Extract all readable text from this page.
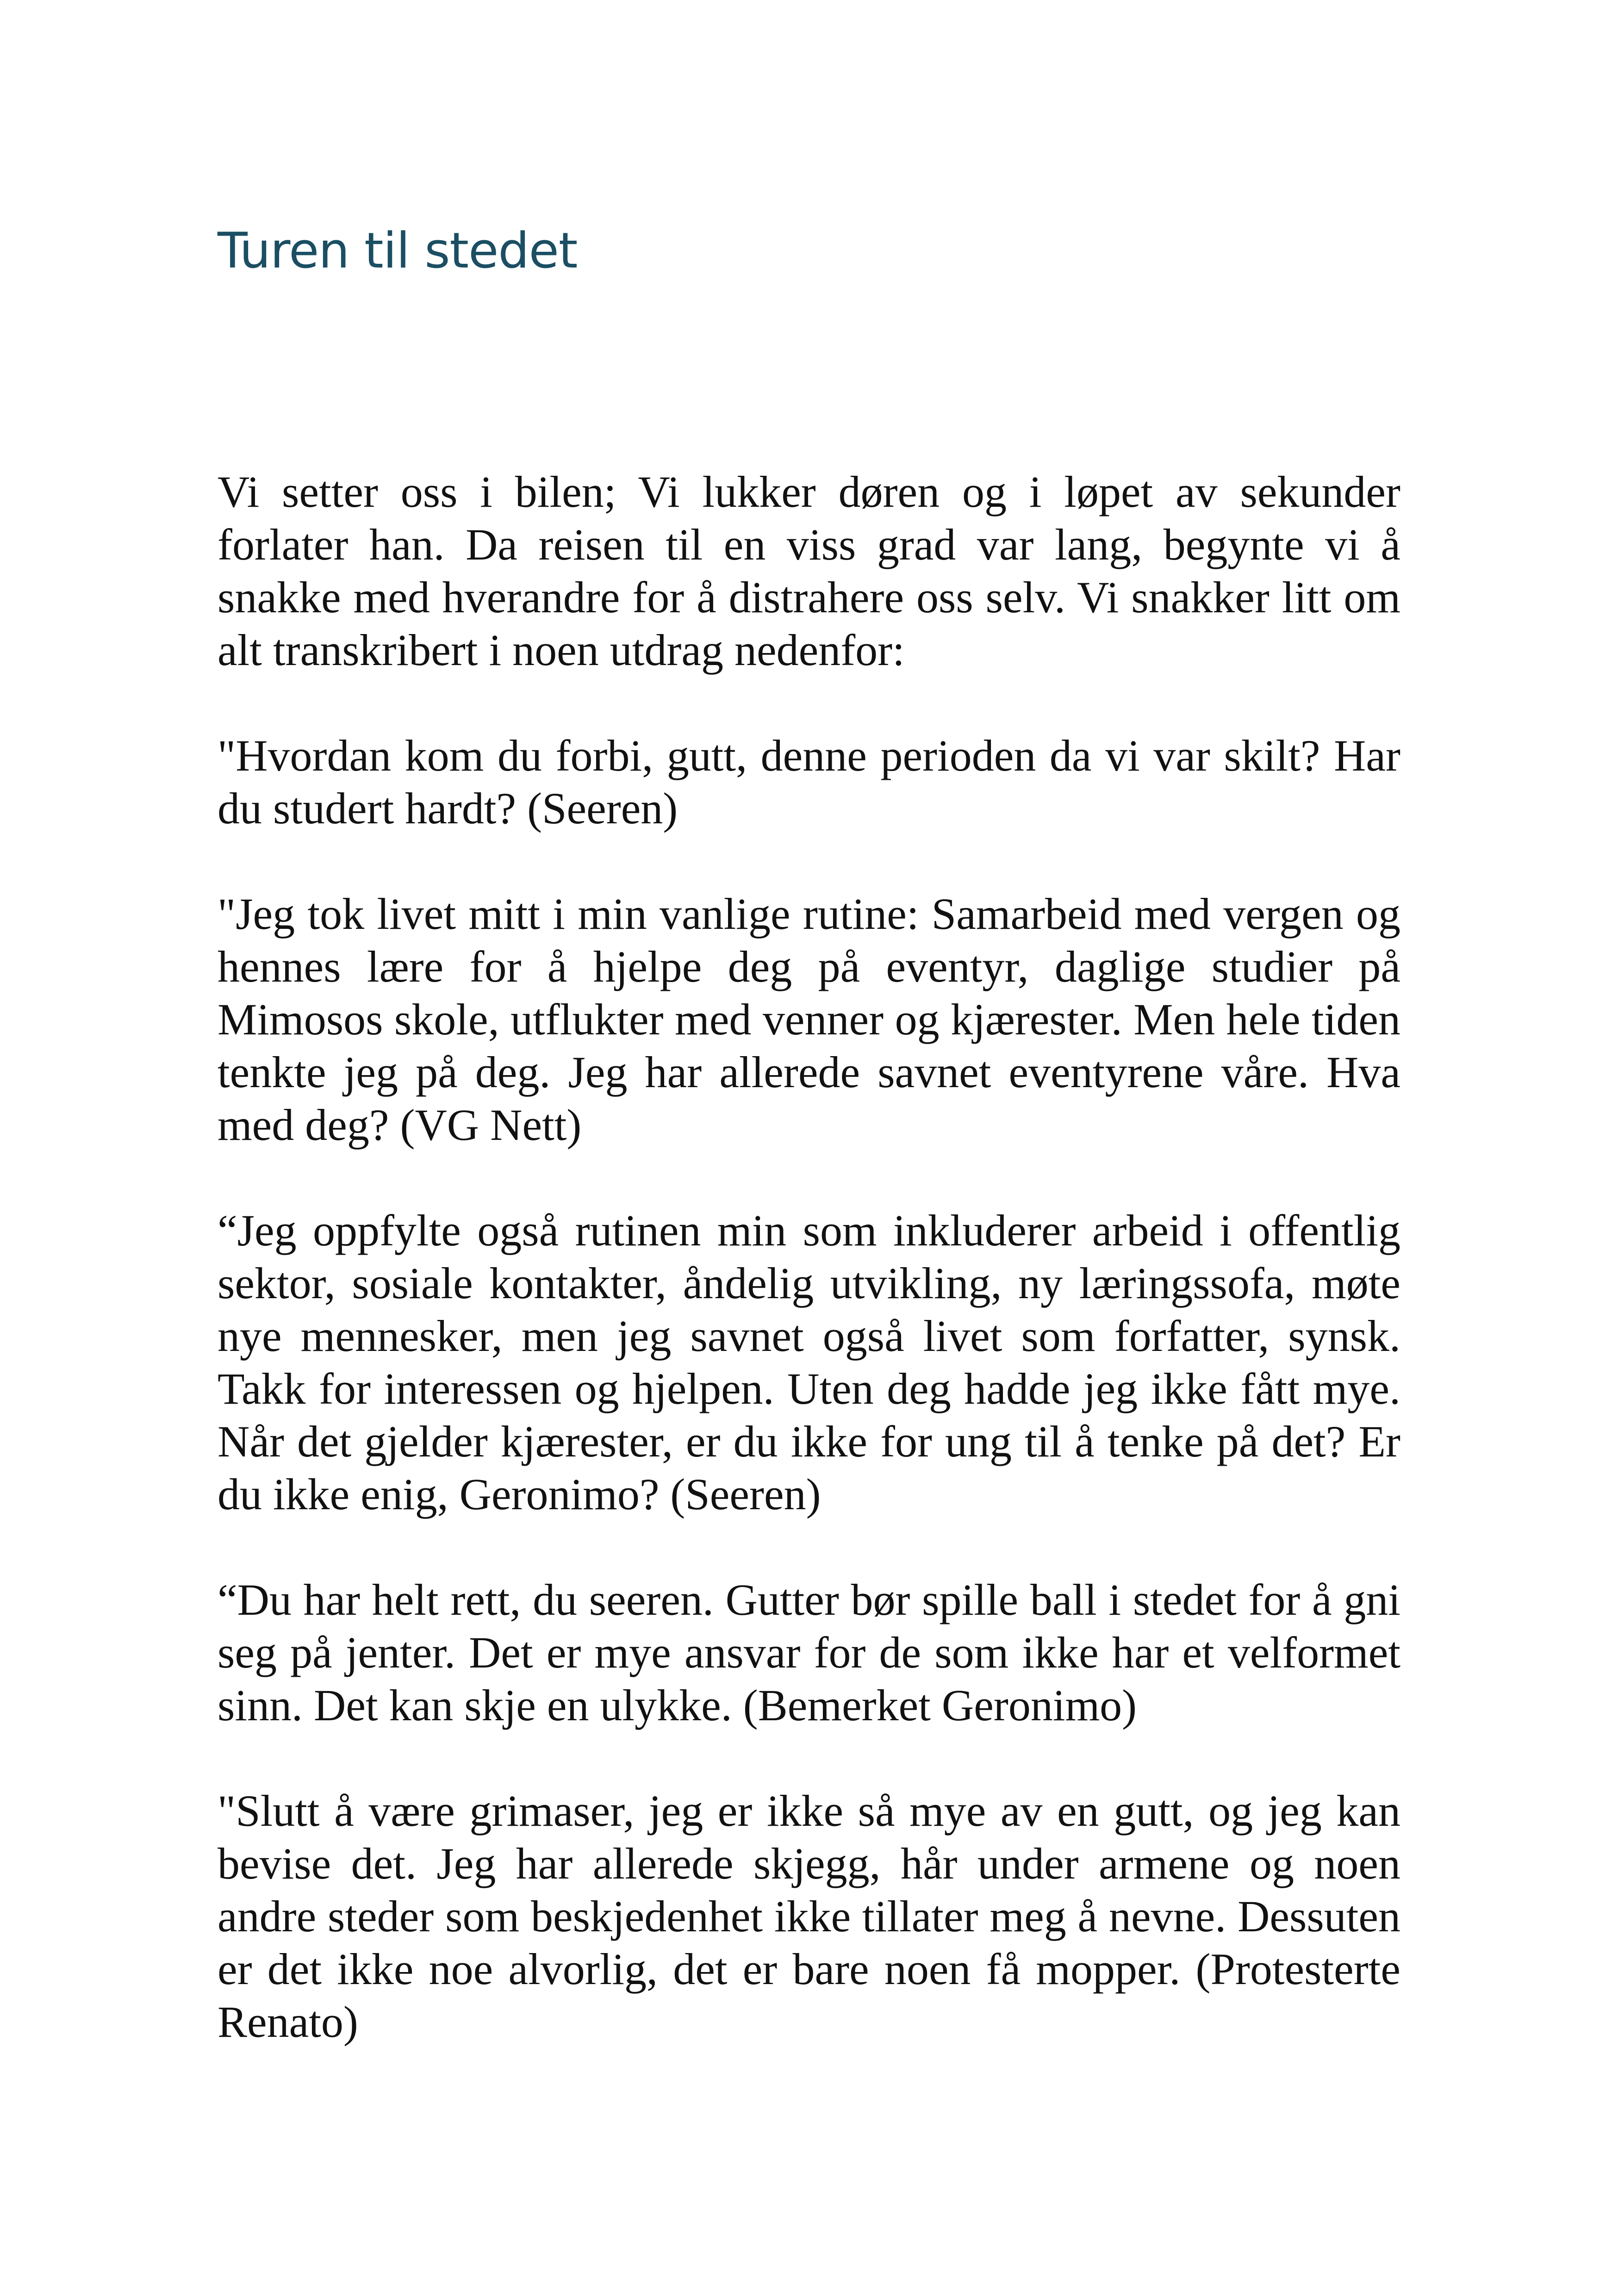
Turen til stedet

Vi setter oss i bilen; Vi lukker døren og i løpet av sekunder forlater han. Da reisen til en viss grad var lang, begynte vi å snakke med hverandre for å distrahere oss selv. Vi snakker litt om alt transkribert i noen utdrag nedenfor:

"Hvordan kom du forbi, gutt, denne perioden da vi var skilt? Har du studert hardt? (Seeren)

"Jeg tok livet mitt i min vanlige rutine: Samarbeid med vergen og hennes lære for å hjelpe deg på eventyr, daglige studier på Mimosos skole, utflukter med venner og kjærester. Men hele tiden tenkte jeg på deg. Jeg har allerede savnet eventyrene våre. Hva med deg? (VG Nett)

“Jeg oppfylte også rutinen min som inkluderer arbeid i offentlig sektor, sosiale kontakter, åndelig utvikling, ny læringssofa, møte nye mennesker, men jeg savnet også livet som forfatter, synsk. Takk for interessen og hjelpen. Uten deg hadde jeg ikke fått mye. Når det gjelder kjærester, er du ikke for ung til å tenke på det? Er du ikke enig, Geronimo? (Seeren)

“Du har helt rett, du seeren. Gutter bør spille ball i stedet for å gni seg på jenter. Det er mye ansvar for de som ikke har et velformet sinn. Det kan skje en ulykke. (Bemerket Geronimo)

"Slutt å være grimaser, jeg er ikke så mye av en gutt, og jeg kan bevise det. Jeg har allerede skjegg, hår under armene og noen andre steder som beskjedenhet ikke tillater meg å nevne. Dessuten er det ikke noe alvorlig, det er bare noen få mopper. (Protesterte Renato)
